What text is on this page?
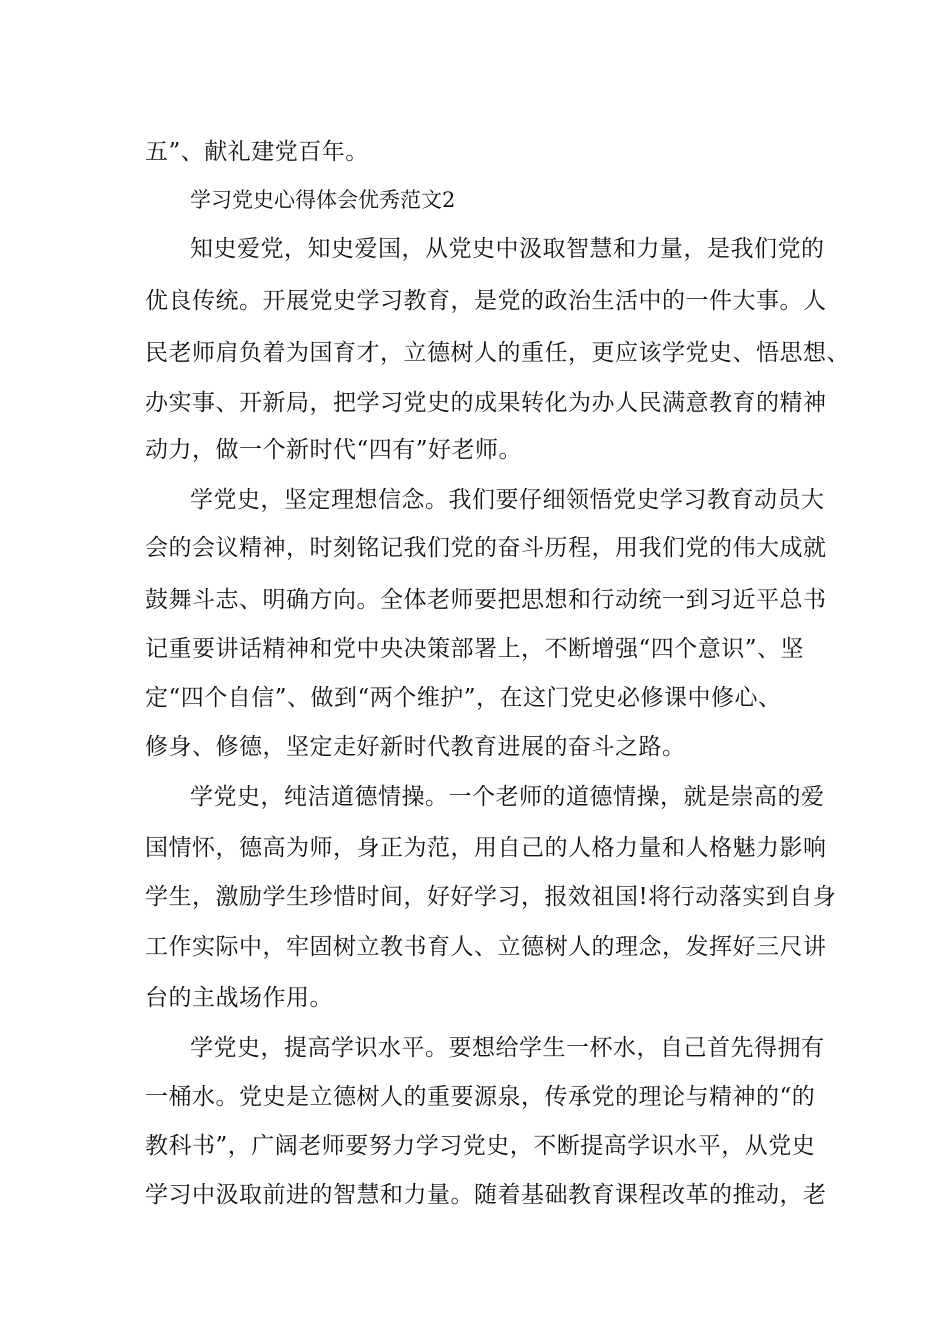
五”、献礼建党百年。
学习党史心得体会优秀范文2
知史爱党，知史爱国，从党史中汲取智慧和力量，是我们党的
优良传统。开展党史学习教育，是党的政治生活中的一件大事。人
民老师肩负着为国育才，立德树人的重任，更应该学党史、悟思想、
办实事、开新局，把学习党史的成果转化为办人民满意教育的精神
动力，做一个新时代“四有”好老师。
学党史，坚定理想信念。我们要仔细领悟党史学习教育动员大
会的会议精神，时刻铭记我们党的奋斗历程，用我们党的伟大成就
鼓舞斗志、明确方向。全体老师要把思想和行动统一到习近平总书
记重要讲话精神和党中央决策部署上，不断增强“四个意识”、坚
定“四个自信”、做到“两个维护”，在这门党史必修课中修心、
修身、修德，坚定走好新时代教育进展的奋斗之路。
学党史，纯洁道德情操。一个老师的道德情操，就是崇高的爱
国情怀，德高为师，身正为范，用自己的人格力量和人格魅力影响
学生，激励学生珍惜时间，好好学习，报效祖国!将行动落实到自身
工作实际中，牢固树立教书育人、立德树人的理念，发挥好三尺讲
台的主战场作用。
学党史，提高学识水平。要想给学生一杯水，自己首先得拥有
一桶水。党史是立德树人的重要源泉，传承党的理论与精神的“的
教科书”，广阔老师要努力学习党史，不断提高学识水平，从党史
学习中汲取前进的智慧和力量。随着基础教育课程改革的推动，老
